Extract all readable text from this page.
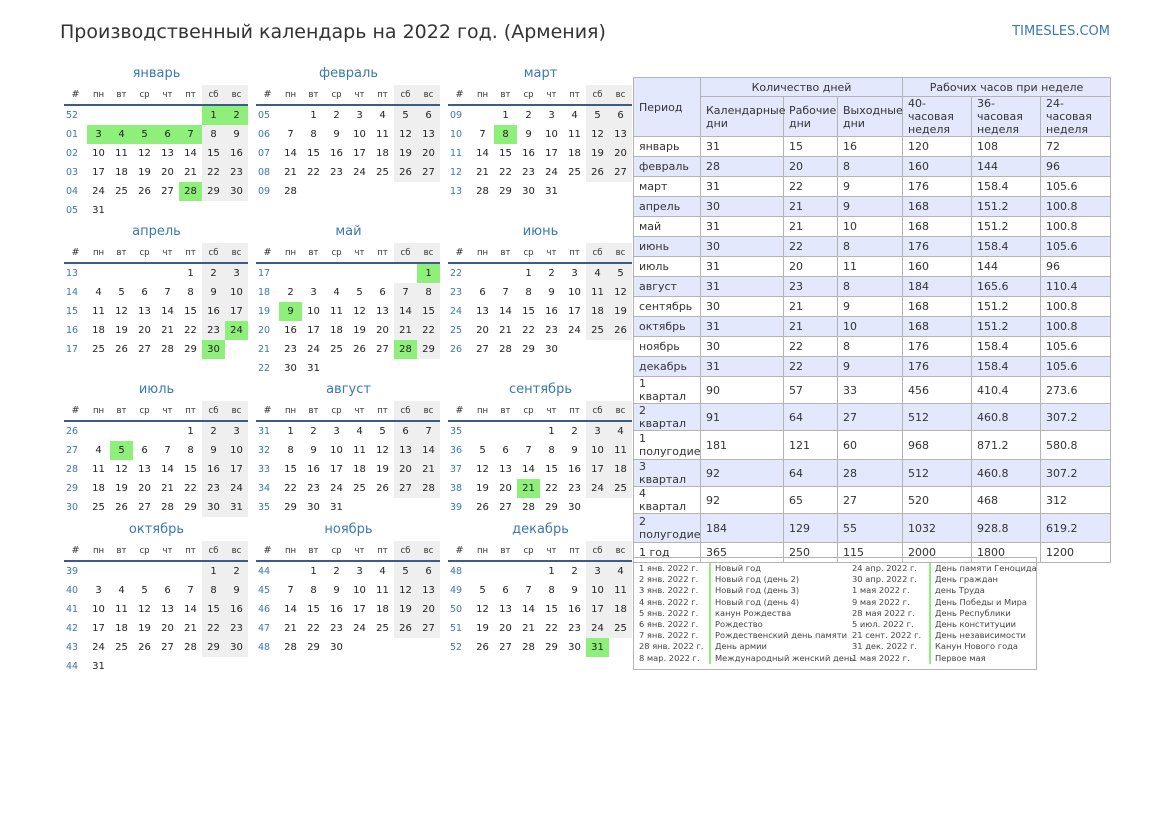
Производственный календарь на 2022 год. (Армения)	TIMESLES.COM
январь
#	пн	вт	ср	чт	пт	сб	вс
52						1	2
01	3	4	5	6	7	8	9
02	10	11	12	13	14	15	16
03	17	18	19	20	21	22	23
04	24	25	26	27	28	29	30
05	31						
февраль
#	пн	вт	ср	чт	пт	сб	вс
05		1	2	3	4	5	6
06	7	8	9	10	11	12	13
07	14	15	16	17	18	19	20
08	21	22	23	24	25	26	27
09	28						
март
#	пн	вт	ср	чт	пт	сб	вс
09		1	2	3	4	5	6
10	7	8	9	10	11	12	13
11	14	15	16	17	18	19	20
12	21	22	23	24	25	26	27
13	28	29	30	31			
апрель
#	пн	вт	ср	чт	пт	сб	вс
13					1	2	3
14	4	5	6	7	8	9	10
15	11	12	13	14	15	16	17
16	18	19	20	21	22	23	24
17	25	26	27	28	29	30	
май
#	пн	вт	ср	чт	пт	сб	вс
17							1
18	2	3	4	5	6	7	8
19	9	10	11	12	13	14	15
20	16	17	18	19	20	21	22
21	23	24	25	26	27	28	29
22	30	31					
июнь
#	пн	вт	ср	чт	пт	сб	вс
22			1	2	3	4	5
23	6	7	8	9	10	11	12
24	13	14	15	16	17	18	19
25	20	21	22	23	24	25	26
26	27	28	29	30			
июль
#	пн	вт	ср	чт	пт	сб	вс
26					1	2	3
27	4	5	6	7	8	9	10
28	11	12	13	14	15	16	17
29	18	19	20	21	22	23	24
30	25	26	27	28	29	30	31
август
#	пн	вт	ср	чт	пт	сб	вс
31	1	2	3	4	5	6	7
32	8	9	10	11	12	13	14
33	15	16	17	18	19	20	21
34	22	23	24	25	26	27	28
35	29	30	31				
сентябрь
#	пн	вт	ср	чт	пт	сб	вс
35				1	2	3	4
36	5	6	7	8	9	10	11
37	12	13	14	15	16	17	18
38	19	20	21	22	23	24	25
39	26	27	28	29	30		
октябрь
#	пн	вт	ср	чт	пт	сб	вс
39						1	2
40	3	4	5	6	7	8	9
41	10	11	12	13	14	15	16
42	17	18	19	20	21	22	23
43	24	25	26	27	28	29	30
44	31						
ноябрь
#	пн	вт	ср	чт	пт	сб	вс
44		1	2	3	4	5	6
45	7	8	9	10	11	12	13
46	14	15	16	17	18	19	20
47	21	22	23	24	25	26	27
48	28	29	30				
декабрь
#	пн	вт	ср	чт	пт	сб	вс
48				1	2	3	4
49	5	6	7	8	9	10	11
50	12	13	14	15	16	17	18
51	19	20	21	22	23	24	25
52	26	27	28	29	30	31	
Период	Количество дней			Рабочих часов при неделе		
	Календарные дни	Рабочие дни	Выходные дни	40-часовая неделя	36-часовая неделя	24-часовая неделя
январь	31	15	16	120	108	72
февраль	28	20	8	160	144	96
март	31	22	9	176	158.4	105.6
апрель	30	21	9	168	151.2	100.8
май	31	21	10	168	151.2	100.8
июнь	30	22	8	176	158.4	105.6
июль	31	20	11	160	144	96
август	31	23	8	184	165.6	110.4
сентябрь	30	21	9	168	151.2	100.8
октябрь	31	21	10	168	151.2	100.8
ноябрь	30	22	8	176	158.4	105.6
декабрь	31	22	9	176	158.4	105.6
1 квартал	90	57	33	456	410.4	273.6
2 квартал	91	64	27	512	460.8	307.2
1 полугодие	181	121	60	968	871.2	580.8
3 квартал	92	64	28	512	460.8	307.2
4 квартал	92	65	27	520	468	312
2 полугодие	184	129	55	1032	928.8	619.2
1 год	365	250	115	2000	1800	1200
1 янв. 2022 г.	Новый год
2 янв. 2022 г.	Новый год (день 2)
3 янв. 2022 г.	Новый год (день 3)
4 янв. 2022 г.	Новый год (день 4)
5 янв. 2022 г.	канун Рождества
6 янв. 2022 г.	Рождество
7 янв. 2022 г.	Рождественский день памяти
28 янв. 2022 г.	День армии
8 мар. 2022 г.	Международный женский день
24 апр. 2022 г.	День памяти Геноцида
30 апр. 2022 г.	День граждан
1 мая 2022 г.	день Труда
9 мая 2022 г.	День Победы и Мира
28 мая 2022 г.	День Республики
5 июл. 2022 г.	День конституции
21 сент. 2022 г.	День независимости
31 дек. 2022 г.	Канун Нового года
1 мая 2022 г.	Первое мая
